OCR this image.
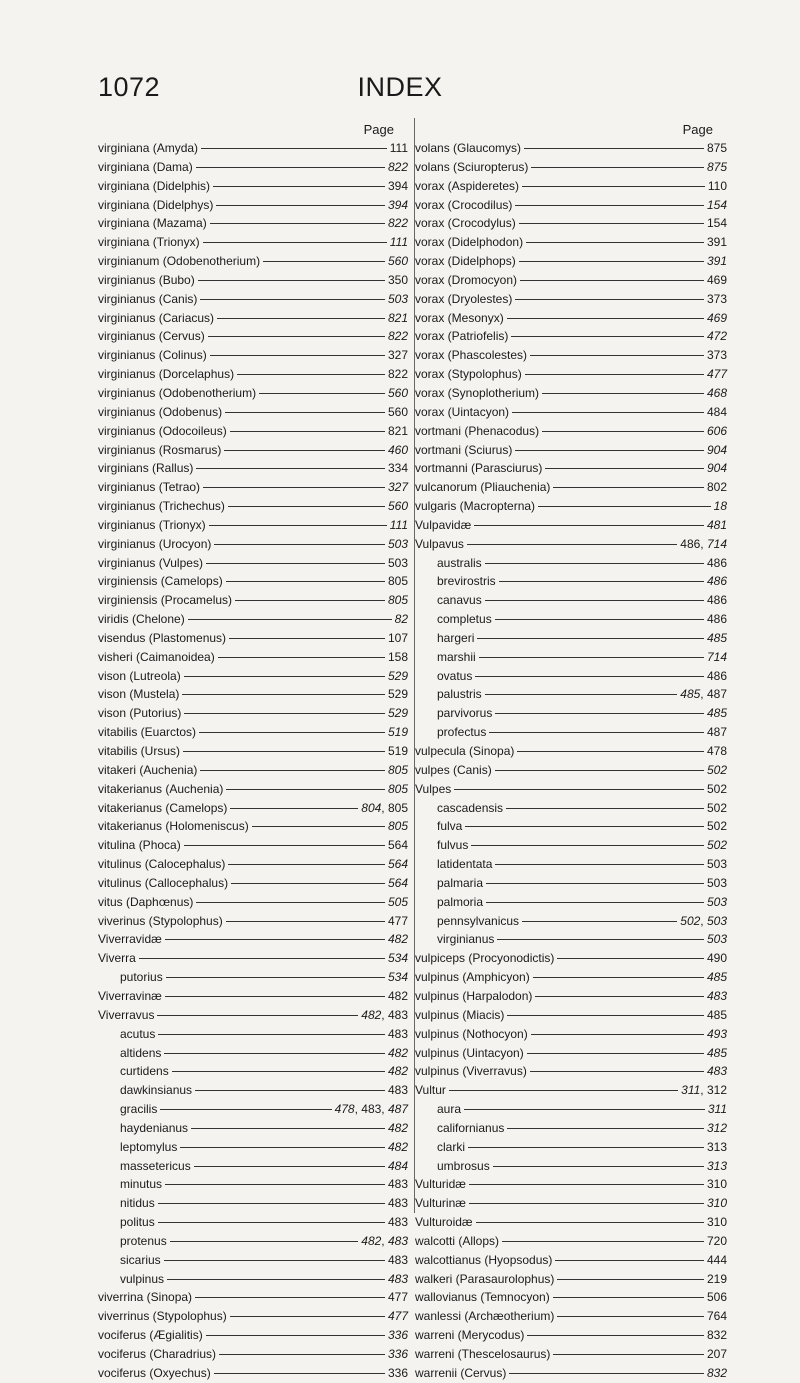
1072	INDEX
Page
virginiana (Amyda)	111
virginiana (Dama)	822
virginiana (Didelphis)	394
virginiana (Didelphys)	394
virginiana (Mazama)	822
virginiana (Trionyx)	111
virginianum (Odobenotherium)	560
virginianus (Bubo)	350
virginianus (Canis)	503
virginianus (Cariacus)	821
virginianus (Cervus)	822
virginianus (Colinus)	327
virginianus (Dorcelaphus)	822
virginianus (Odobenotherium)	560
virginianus (Odobenus)	560
virginianus (Odocoileus)	821
virginianus (Rosmarus)	460
virginians (Rallus)	334
virginianus (Tetrao)	327
virginianus (Trichechus)	560
virginianus (Trionyx)	111
virginianus (Urocyon)	503
virginianus (Vulpes)	503
virginiensis (Camelops)	805
virginiensis (Procamelus)	805
viridis (Chelone)	82
visendus (Plastomenus)	107
visheri (Caimanoidea)	158
vison (Lutreola)	529
vison (Mustela)	529
vison (Putorius)	529
vitabilis (Euarctos)	519
vitabilis (Ursus)	519
vitakeri (Auchenia)	805
vitakerianus (Auchenia)	805
vitakerianus (Camelops)	804, 805
vitakerianus (Holomeniscus)	805
vitulina (Phoca)	564
vitulinus (Calocephalus)	564
vitulinus (Callocephalus)	564
vitus (Daphœnus)	505
viverinus (Stypolophus)	477
Viverravidæ	482
Viverra	534
putorius	534
Viverravinæ	482
Viverravus	482, 483
acutus	483
altidens	482
curtidens	482
dawkinsianus	483
gracilis	478, 483, 487
haydenianus	482
leptomylus	482
massetericus	484
minutus	483
nitidus	483
politus	483
protenus	482, 483
sicarius	483
vulpinus	483
viverrina (Sinopa)	477
viverrinus (Stypolophus)	477
vociferus (Ægialitis)	336
vociferus (Charadrius)	336
vociferus (Oxyechus)	336
Page
volans (Glaucomys)	875
volans (Sciuropterus)	875
vorax (Aspideretes)	110
vorax (Crocodilus)	154
vorax (Crocodylus)	154
vorax (Didelphodon)	391
vorax (Didelphops)	391
vorax (Dromocyon)	469
vorax (Dryolestes)	373
vorax (Mesonyx)	469
vorax (Patriofelis)	472
vorax (Phascolestes)	373
vorax (Stypolophus)	477
vorax (Synoplotherium)	468
vorax (Uintacyon)	484
vortmani (Phenacodus)	606
vortmani (Sciurus)	904
vortmanni (Parasciurus)	904
vulcanorum (Pliauchenia)	802
vulgaris (Macropterna)	18
Vulpavidæ	481
Vulpavus	486, 714
australis	486
brevirostris	486
canavus	486
completus	486
hargeri	485
marshii	714
ovatus	486
palustris	485, 487
parvivorus	485
profectus	487
vulpecula (Sinopa)	478
vulpes (Canis)	502
Vulpes	502
cascadensis	502
fulva	502
fulvus	502
latidentata	503
palmaria	503
palmoria	503
pennsylvanicus	502, 503
virginianus	503
vulpiceps (Procyonodictis)	490
vulpinus (Amphicyon)	485
vulpinus (Harpalodon)	483
vulpinus (Miacis)	485
vulpinus (Nothocyon)	493
vulpinus (Uintacyon)	485
vulpinus (Viverravus)	483
Vultur	311, 312
aura	311
californianus	312
clarki	313
umbrosus	313
Vulturidæ	310
Vulturinæ	310
Vulturoidæ	310
walcotti (Allops)	720
walcottianus (Hyopsodus)	444
walkeri (Parasaurolophus)	219
wallovianus (Temnocyon)	506
wanlessi (Archæotherium)	764
warreni (Merycodus)	832
warreni (Thescelosaurus)	207
warrenii (Cervus)	832
